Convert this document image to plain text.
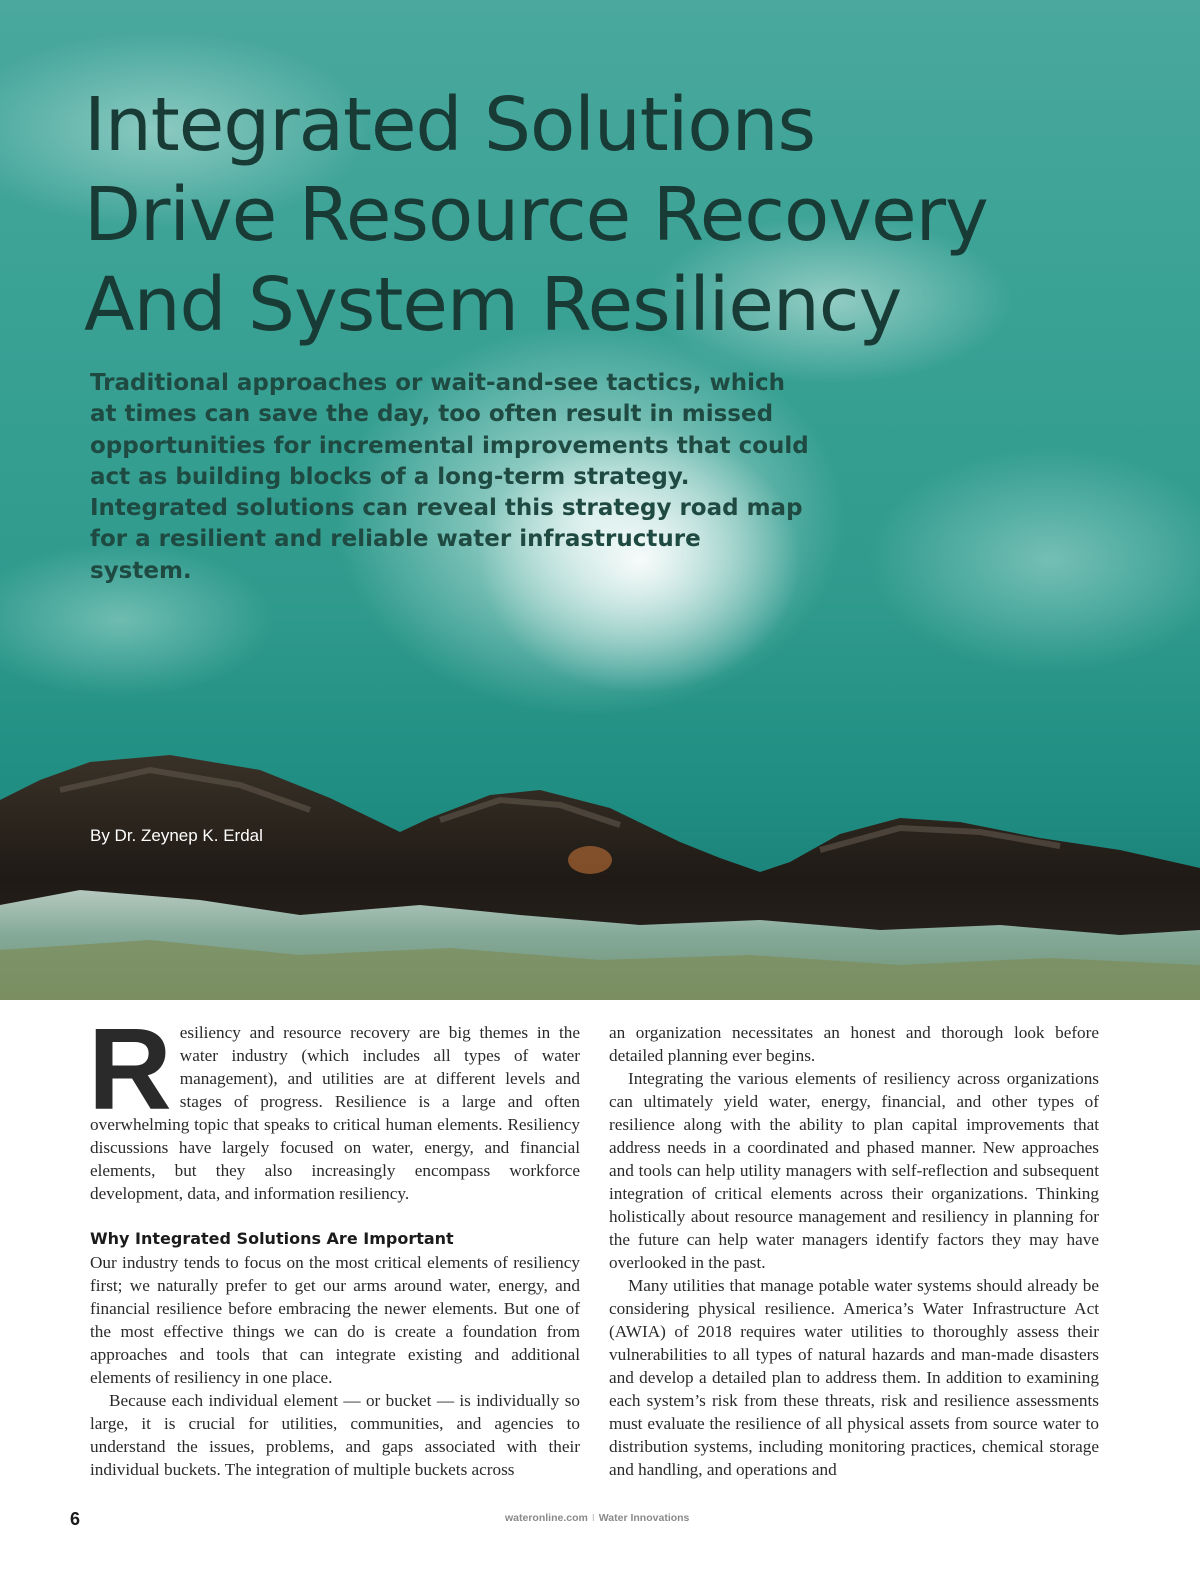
Integrated Solutions
Drive Resource Recovery
And System Resiliency

Traditional approaches or wait-and-see tactics, which at times can save the day, too often result in missed opportunities for incremental improvements that could act as building blocks of a long-term strategy. Integrated solutions can reveal this strategy road map for a resilient and reliable water infrastructure system.

By Dr. Zeynep K. Erdal

Resiliency and resource recovery are big themes in the water industry (which includes all types of water management), and utilities are at different levels and stages of progress. Resilience is a large and often overwhelming topic that speaks to critical human elements. Resiliency discussions have largely focused on water, energy, and financial elements, but they also increasingly encompass workforce development, data, and information resiliency.

Why Integrated Solutions Are Important

Our industry tends to focus on the most critical elements of resiliency first; we naturally prefer to get our arms around water, energy, and financial resilience before embracing the newer elements. But one of the most effective things we can do is create a foundation from approaches and tools that can integrate existing and additional elements of resiliency in one place.

Because each individual element — or bucket — is individually so large, it is crucial for utilities, communities, and agencies to understand the issues, problems, and gaps associated with their individual buckets. The integration of multiple buckets across

an organization necessitates an honest and thorough look before detailed planning ever begins.

Integrating the various elements of resiliency across organizations can ultimately yield water, energy, financial, and other types of resilience along with the ability to plan capital improvements that address needs in a coordinated and phased manner. New approaches and tools can help utility managers with self-reflection and subsequent integration of critical elements across their organizations. Thinking holistically about resource management and resiliency in planning for the future can help water managers identify factors they may have overlooked in the past.

Many utilities that manage potable water systems should already be considering physical resilience. America’s Water Infrastructure Act (AWIA) of 2018 requires water utilities to thoroughly assess their vulnerabilities to all types of natural hazards and man-made disasters and develop a detailed plan to address them. In addition to examining each system’s risk from these threats, risk and resilience assessments must evaluate the resilience of all physical assets from source water to distribution systems, including monitoring practices, chemical storage and handling, and operations and

6	wateronline.com I Water Innovations
